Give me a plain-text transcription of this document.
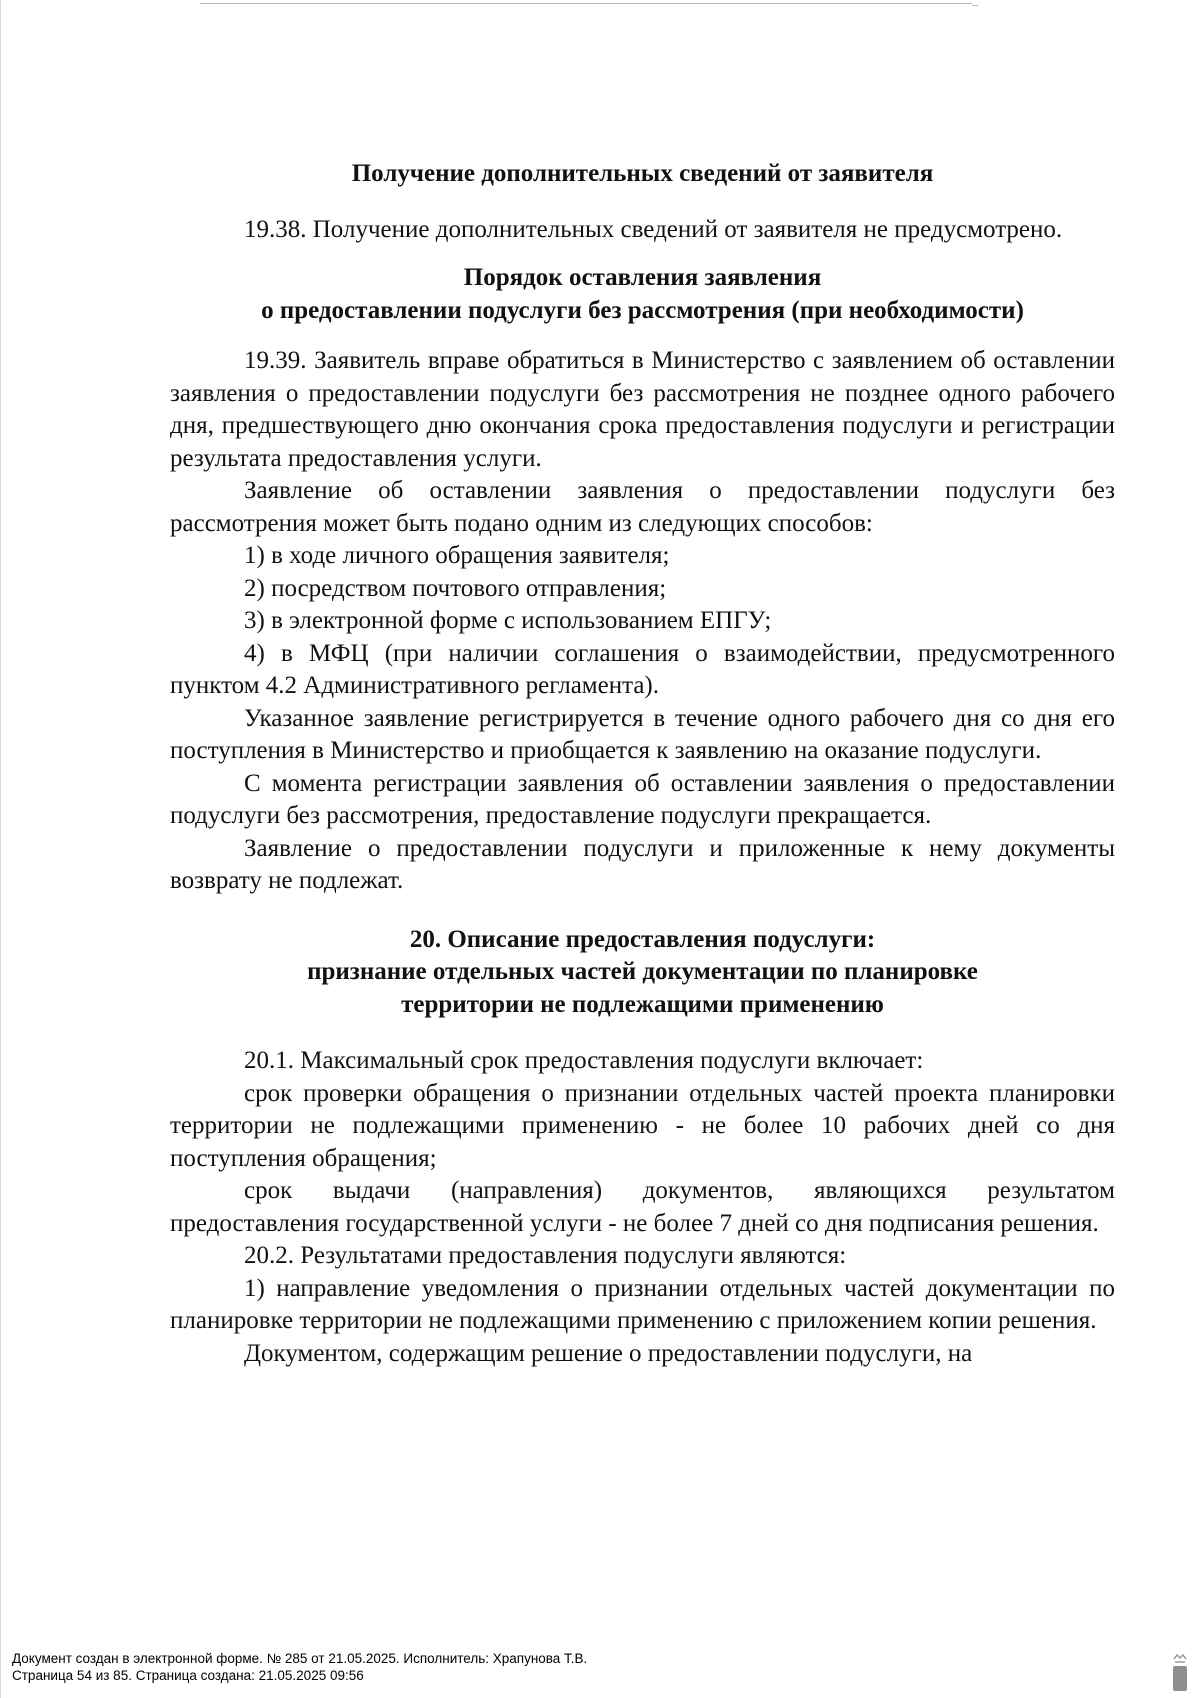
Получение дополнительных сведений от заявителя

19.38. Получение дополнительных сведений от заявителя не предусмотрено.

Порядок оставления заявления
о предоставлении подуслуги без рассмотрения (при необходимости)

19.39. Заявитель вправе обратиться в Министерство с заявлением об оставлении заявления о предоставлении подуслуги без рассмотрения не позднее одного рабочего дня, предшествующего дню окончания срока предоставления подуслуги и регистрации результата предоставления услуги.

Заявление об оставлении заявления о предоставлении подуслуги без рассмотрения может быть подано одним из следующих способов:

1) в ходе личного обращения заявителя;

2) посредством почтового отправления;

3) в электронной форме с использованием ЕПГУ;

4) в МФЦ (при наличии соглашения о взаимодействии, предусмотренного пунктом 4.2 Административного регламента).

Указанное заявление регистрируется в течение одного рабочего дня со дня его поступления в Министерство и приобщается к заявлению на оказание подуслуги.

С момента регистрации заявления об оставлении заявления о предоставлении подуслуги без рассмотрения, предоставление подуслуги прекращается.

Заявление о предоставлении подуслуги и приложенные к нему документы возврату не подлежат.

20. Описание предоставления подуслуги:
признание отдельных частей документации по планировке
территории не подлежащими применению

20.1. Максимальный срок предоставления подуслуги включает:

срок проверки обращения о признании отдельных частей проекта планировки территории не подлежащими применению - не более 10 рабочих дней со дня поступления обращения;

срок выдачи (направления) документов, являющихся результатом предоставления государственной услуги - не более 7 дней со дня подписания решения.

20.2. Результатами предоставления подуслуги являются:

1) направление уведомления о признании отдельных частей документации по планировке территории не подлежащими применению с приложением копии решения.

Документом, содержащим решение о предоставлении подуслуги, на

Документ создан в электронной форме. № 285 от 21.05.2025. Исполнитель: Храпунова Т.В.
Страница 54 из 85. Страница создана: 21.05.2025 09:56
